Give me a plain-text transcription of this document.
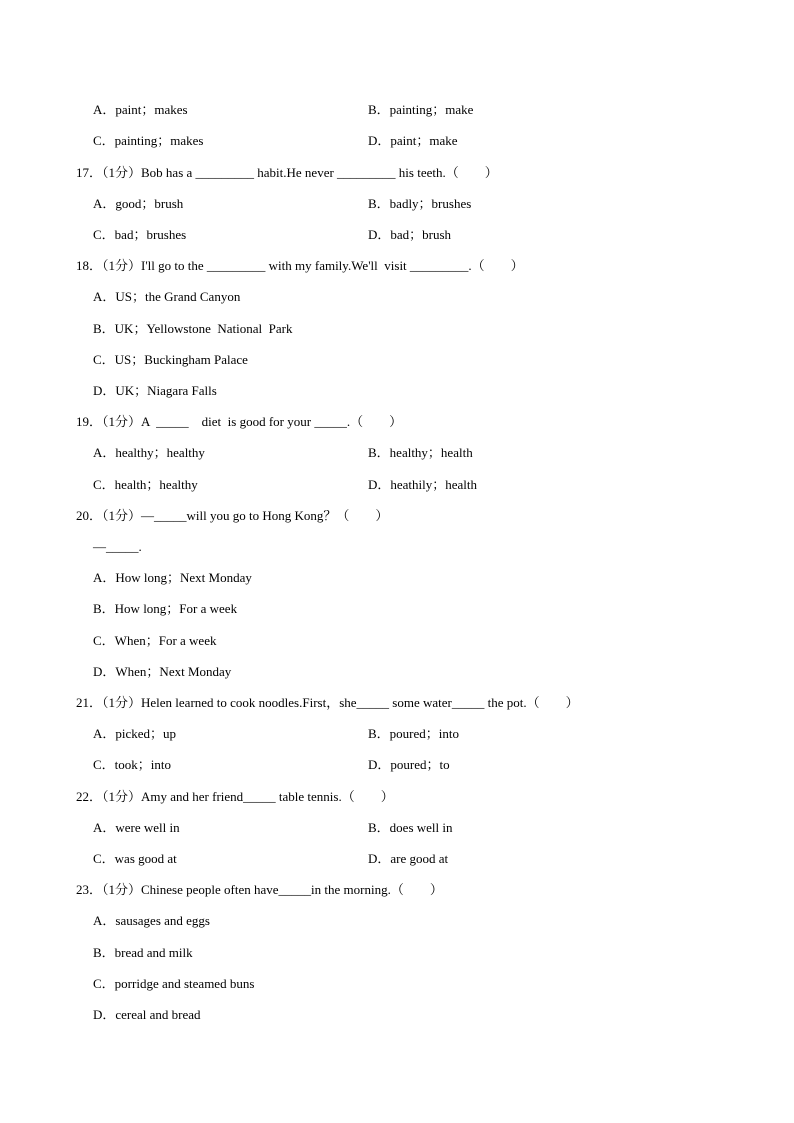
A．paint；makes	B．painting；make
C．painting；makes	D．paint；make
17．（1分）Bob has a _________ habit.He never _________ his teeth.（　　）
A．good；brush	B．badly；brushes
C．bad；brushes	D．bad；brush
18．（1分）I'll go to the _________ with my family.We'll  visit _________.（　　）
A．US；the Grand Canyon
B．UK；Yellowstone  National  Park
C．US；Buckingham Palace
D．UK；Niagara Falls
19．（1分）A  _____    diet  is good for your _____.（　　）
A．healthy；healthy	B．healthy；health
C．health；healthy	D．heathily；health
20．（1分）—_____will you go to Hong Kong？（　　）
—_____.
A．How long；Next Monday
B．How long；For a week
C．When；For a week
D．When；Next Monday
21．（1分）Helen learned to cook noodles.First，she_____ some water_____ the pot.（　　）
A．picked；up	B．poured；into
C．took；into	D．poured；to
22．（1分）Amy and her friend_____ table tennis.（　　）
A．were well in	B．does well in
C．was good at	D．are good at
23．（1分）Chinese people often have_____in the morning.（　　）
A．sausages and eggs
B．bread and milk
C．porridge and steamed buns
D．cereal and bread
